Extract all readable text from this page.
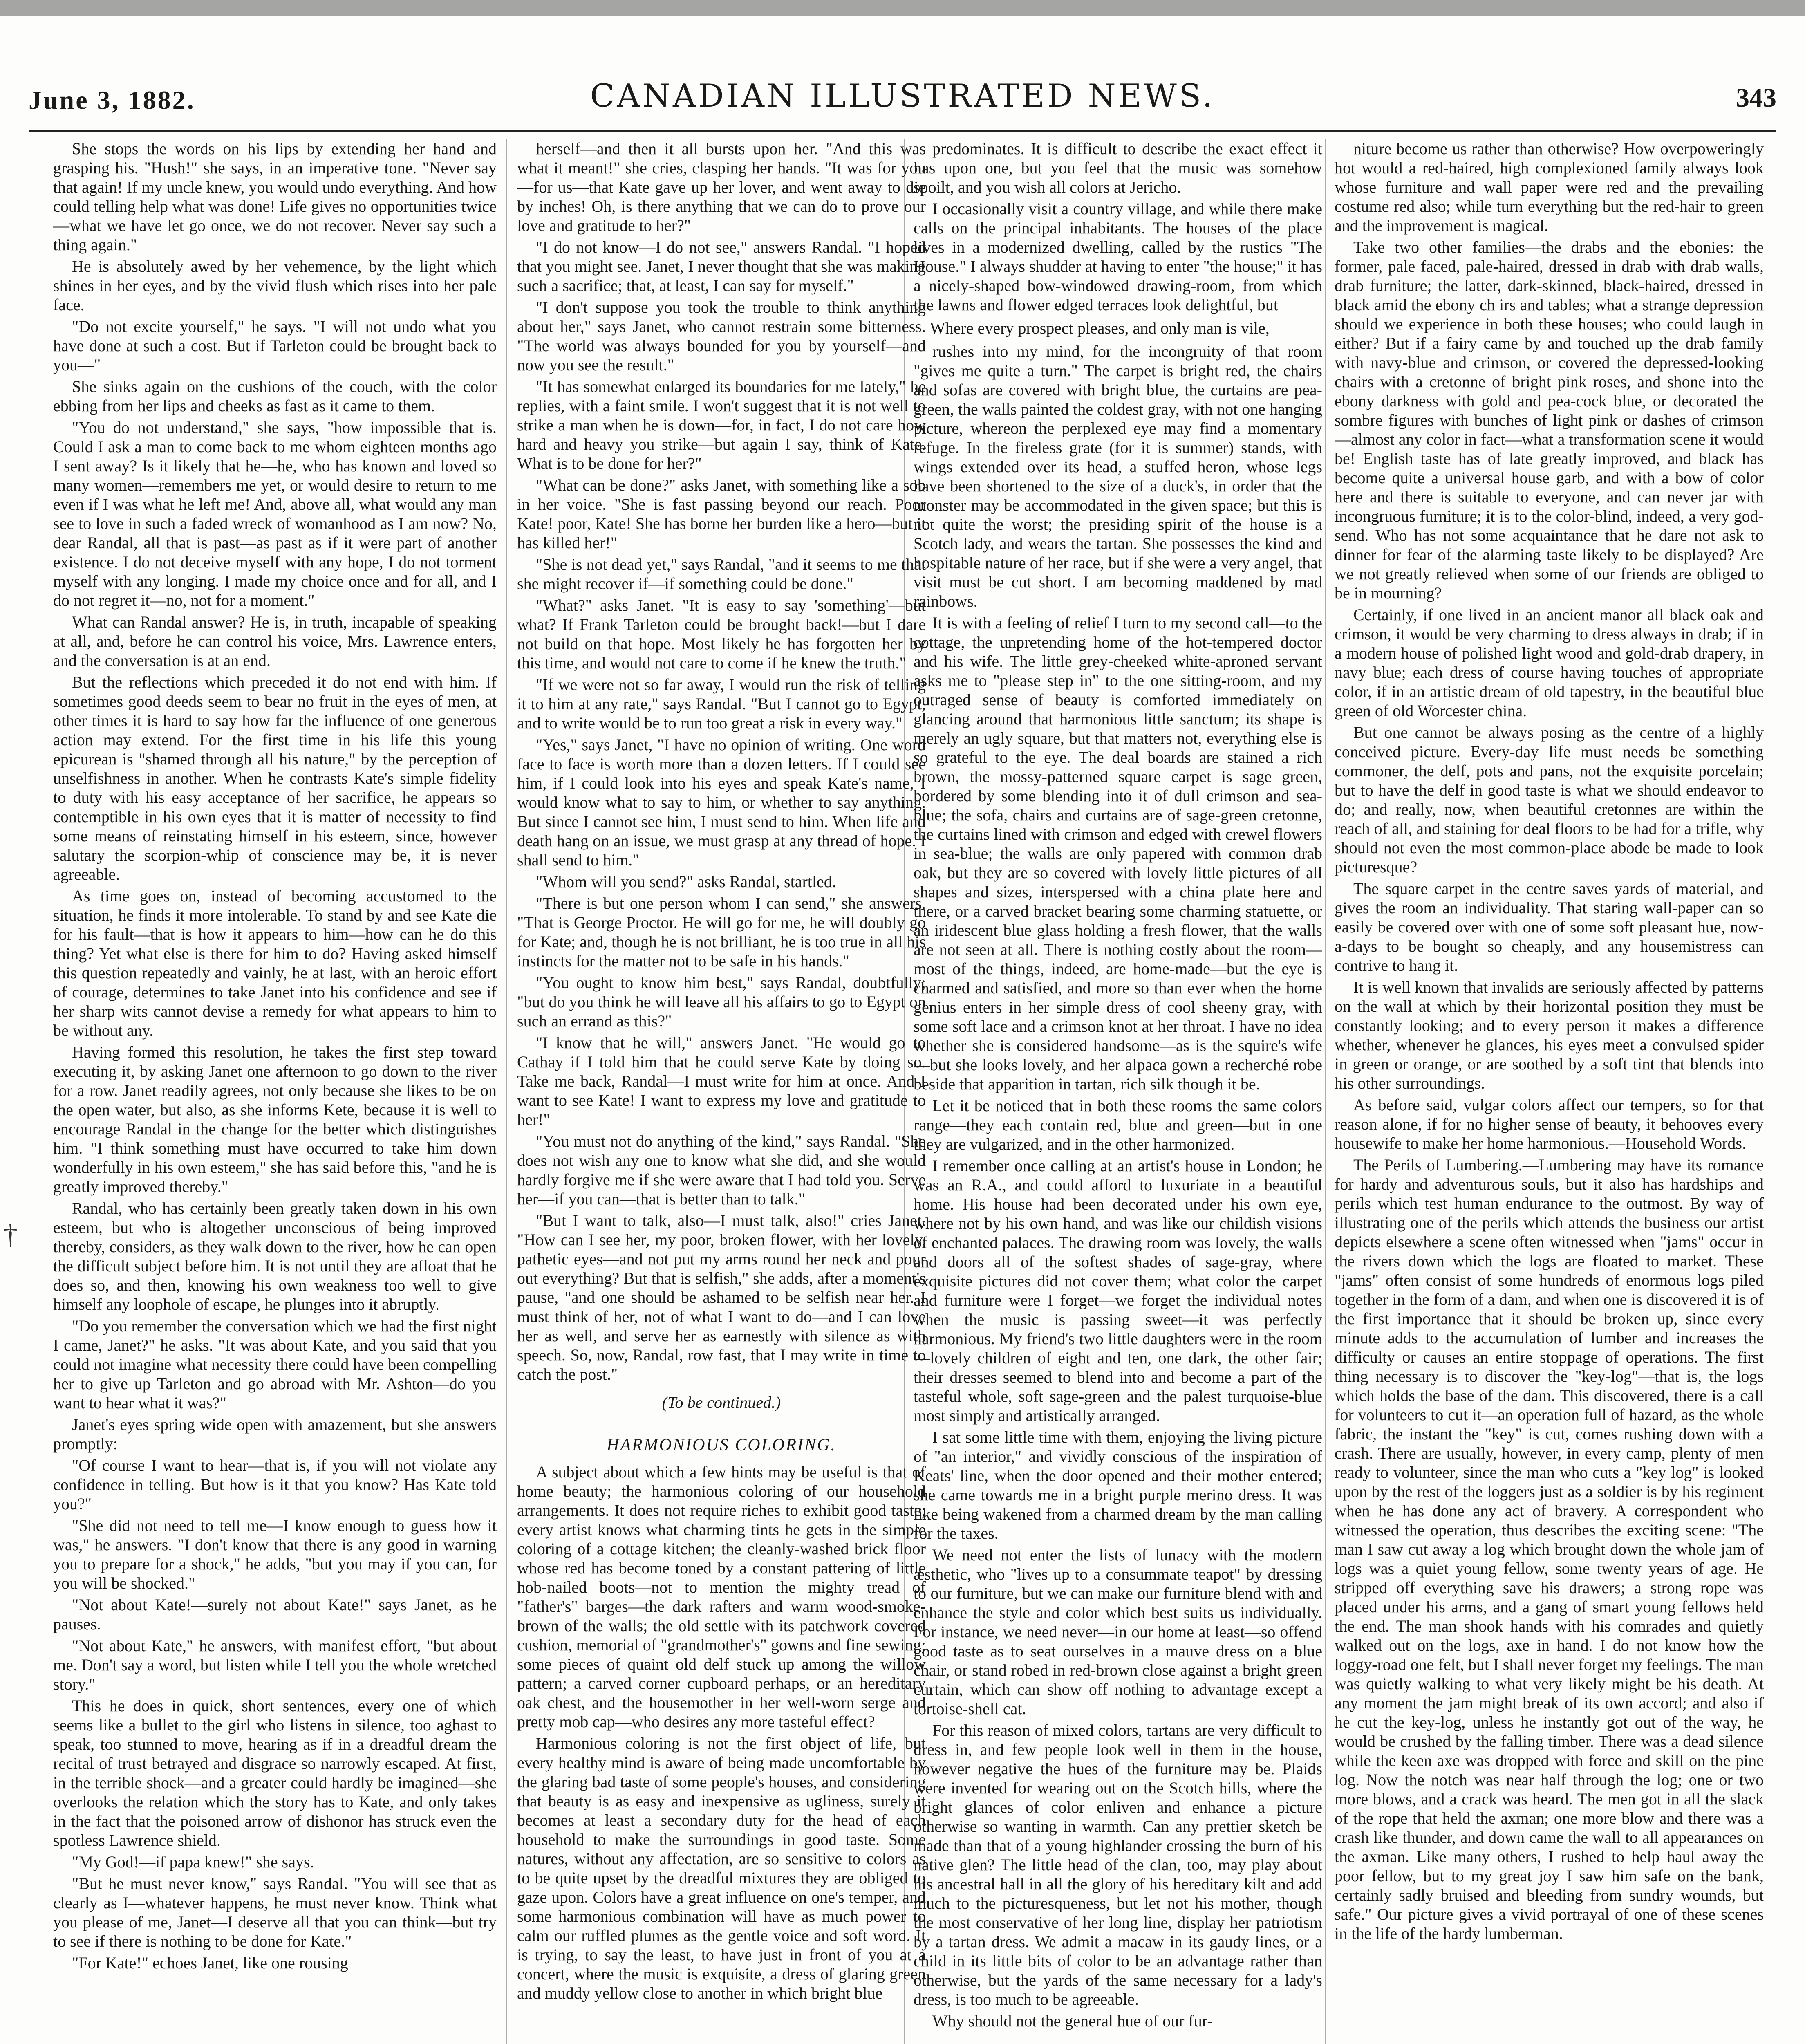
June 3, 1882.	CANADIAN ILLUSTRATED NEWS.	343
†

She stops the words on his lips by extending her hand and grasping his. "Hush!" she says, in an imperative tone. "Never say that again! If my uncle knew, you would undo everything. And how could telling help what was done! Life gives no opportunities twice—what we have let go once, we do not recover. Never say such a thing again."

He is absolutely awed by her vehemence, by the light which shines in her eyes, and by the vivid flush which rises into her pale face.

"Do not excite yourself," he says. "I will not undo what you have done at such a cost. But if Tarleton could be brought back to you—"

She sinks again on the cushions of the couch, with the color ebbing from her lips and cheeks as fast as it came to them.

"You do not understand," she says, "how impossible that is. Could I ask a man to come back to me whom eighteen months ago I sent away? Is it likely that he—he, who has known and loved so many women—remembers me yet, or would desire to return to me even if I was what he left me! And, above all, what would any man see to love in such a faded wreck of womanhood as I am now? No, dear Randal, all that is past—as past as if it were part of another existence. I do not deceive myself with any hope, I do not torment myself with any longing. I made my choice once and for all, and I do not regret it—no, not for a moment."

What can Randal answer? He is, in truth, incapable of speaking at all, and, before he can control his voice, Mrs. Lawrence enters, and the conversation is at an end.

But the reflections which preceded it do not end with him. If sometimes good deeds seem to bear no fruit in the eyes of men, at other times it is hard to say how far the influence of one generous action may extend. For the first time in his life this young epicurean is "shamed through all his nature," by the perception of unselfishness in another. When he contrasts Kate's simple fidelity to duty with his easy acceptance of her sacrifice, he appears so contemptible in his own eyes that it is matter of necessity to find some means of reinstating himself in his esteem, since, however salutary the scorpion-whip of conscience may be, it is never agreeable.

As time goes on, instead of becoming accustomed to the situation, he finds it more intolerable. To stand by and see Kate die for his fault—that is how it appears to him—how can he do this thing? Yet what else is there for him to do? Having asked himself this question repeatedly and vainly, he at last, with an heroic effort of courage, determines to take Janet into his confidence and see if her sharp wits cannot devise a remedy for what appears to him to be without any.

Having formed this resolution, he takes the first step toward executing it, by asking Janet one afternoon to go down to the river for a row. Janet readily agrees, not only because she likes to be on the open water, but also, as she informs Kete, because it is well to encourage Randal in the change for the better which distinguishes him. "I think something must have occurred to take him down wonderfully in his own esteem," she has said before this, "and he is greatly improved thereby."

Randal, who has certainly been greatly taken down in his own esteem, but who is altogether unconscious of being improved thereby, considers, as they walk down to the river, how he can open the difficult subject before him. It is not until they are afloat that he does so, and then, knowing his own weakness too well to give himself any loophole of escape, he plunges into it abruptly.

"Do you remember the conversation which we had the first night I came, Janet?" he asks. "It was about Kate, and you said that you could not imagine what necessity there could have been compelling her to give up Tarleton and go abroad with Mr. Ashton—do you want to hear what it was?"

Janet's eyes spring wide open with amazement, but she answers promptly:

"Of course I want to hear—that is, if you will not violate any confidence in telling. But how is it that you know? Has Kate told you?"

"She did not need to tell me—I know enough to guess how it was," he answers. "I don't know that there is any good in warning you to prepare for a shock," he adds, "but you may if you can, for you will be shocked."

"Not about Kate!—surely not about Kate!" says Janet, as he pauses.

"Not about Kate," he answers, with manifest effort, "but about me. Don't say a word, but listen while I tell you the whole wretched story."

This he does in quick, short sentences, every one of which seems like a bullet to the girl who listens in silence, too aghast to speak, too stunned to move, hearing as if in a dreadful dream the recital of trust betrayed and disgrace so narrowly escaped. At first, in the terrible shock—and a greater could hardly be imagined—she overlooks the relation which the story has to Kate, and only takes in the fact that the poisoned arrow of dishonor has struck even the spotless Lawrence shield.

"My God!—if papa knew!" she says.

"But he must never know," says Randal. "You will see that as clearly as I—whatever happens, he must never know. Think what you please of me, Janet—I deserve all that you can think—but try to see if there is nothing to be done for Kate."

"For Kate!" echoes Janet, like one rousing

herself—and then it all bursts upon her. "And this was what it meant!" she cries, clasping her hands. "It was for you—for us—that Kate gave up her lover, and went away to die by inches! Oh, is there anything that we can do to prove our love and gratitude to her?"

"I do not know—I do not see," answers Randal. "I hoped that you might see. Janet, I never thought that she was making such a sacrifice; that, at least, I can say for myself."

"I don't suppose you took the trouble to think anything about her," says Janet, who cannot restrain some bitterness. "The world was always bounded for you by yourself—and now you see the result."

"It has somewhat enlarged its boundaries for me lately," he replies, with a faint smile. I won't suggest that it is not well to strike a man when he is down—for, in fact, I do not care how hard and heavy you strike—but again I say, think of Kate. What is to be done for her?"

"What can be done?" asks Janet, with something like a sob in her voice. "She is fast passing beyond our reach. Poor Kate! poor, Kate! She has borne her burden like a hero—but it has killed her!"

"She is not dead yet," says Randal, "and it seems to me that she might recover if—if something could be done."

"What?" asks Janet. "It is easy to say 'something'—but what? If Frank Tarleton could be brought back!—but I dare not build on that hope. Most likely he has forgotten her by this time, and would not care to come if he knew the truth."

"If we were not so far away, I would run the risk of telling it to him at any rate," says Randal. "But I cannot go to Egypt, and to write would be to run too great a risk in every way."

"Yes," says Janet, "I have no opinion of writing. One word face to face is worth more than a dozen letters. If I could see him, if I could look into his eyes and speak Kate's name, I would know what to say to him, or whether to say anything. But since I cannot see him, I must send to him. When life and death hang on an issue, we must grasp at any thread of hope. I shall send to him."

"Whom will you send?" asks Randal, startled.

"There is but one person whom I can send," she answers. "That is George Proctor. He will go for me, he will doubly go for Kate; and, though he is not brilliant, he is too true in all his instincts for the matter not to be safe in his hands."

"You ought to know him best," says Randal, doubtfully; "but do you think he will leave all his affairs to go to Egypt on such an errand as this?"

"I know that he will," answers Janet. "He would go to Cathay if I told him that he could serve Kate by doing so. Take me back, Randal—I must write for him at once. And I want to see Kate! I want to express my love and gratitude to her!"

"You must not do anything of the kind," says Randal. "She does not wish any one to know what she did, and she would hardly forgive me if she were aware that I had told you. Serve her—if you can—that is better than to talk."

"But I want to talk, also—I must talk, also!" cries Janet. "How can I see her, my poor, broken flower, with her lovely, pathetic eyes—and not put my arms round her neck and pour out everything? But that is selfish," she adds, after a moment's pause, "and one should be ashamed to be selfish near her. I must think of her, not of what I want to do—and I can love her as well, and serve her as earnestly with silence as with speech. So, now, Randal, row fast, that I may write in time to catch the post."

(To be continued.)

HARMONIOUS COLORING.

A subject about which a few hints may be useful is that of home beauty; the harmonious coloring of our household arrangements. It does not require riches to exhibit good taste; every artist knows what charming tints he gets in the simple coloring of a cottage kitchen; the cleanly-washed brick floor whose red has become toned by a constant pattering of little hob-nailed boots—not to mention the mighty tread of "father's" barges—the dark rafters and warm wood-smoke-brown of the walls; the old settle with its patchwork covered cushion, memorial of "grandmother's" gowns and fine sewing; some pieces of quaint old delf stuck up among the willow pattern; a carved corner cupboard perhaps, or an hereditary oak chest, and the housemother in her well-worn serge and pretty mob cap—who desires any more tasteful effect?

Harmonious coloring is not the first object of life, but every healthy mind is aware of being made uncomfortable by the glaring bad taste of some people's houses, and considering that beauty is as easy and inexpensive as ugliness, surely it becomes at least a secondary duty for the head of each household to make the surroundings in good taste. Some natures, without any affectation, are so sensitive to colors as to be quite upset by the dreadful mixtures they are obliged to gaze upon. Colors have a great influence on one's temper, and some harmonious combination will have as much power to calm our ruffled plumes as the gentle voice and soft word. It is trying, to say the least, to have just in front of you at a concert, where the music is exquisite, a dress of glaring green and muddy yellow close to another in which bright blue

predominates. It is difficult to describe the exact effect it has upon one, but you feel that the music was somehow spoilt, and you wish all colors at Jericho.

I occasionally visit a country village, and while there make calls on the principal inhabitants. The houses of the place lives in a modernized dwelling, called by the rustics "The House." I always shudder at having to enter "the house;" it has a nicely-shaped bow-windowed drawing-room, from which the lawns and flower edged terraces look delightful, but

Where every prospect pleases, and only man is vile,

rushes into my mind, for the incongruity of that room "gives me quite a turn." The carpet is bright red, the chairs and sofas are covered with bright blue, the curtains are pea-green, the walls painted the coldest gray, with not one hanging picture, whereon the perplexed eye may find a momentary refuge. In the fireless grate (for it is summer) stands, with wings extended over its head, a stuffed heron, whose legs have been shortened to the size of a duck's, in order that the monster may be accommodated in the given space; but this is not quite the worst; the presiding spirit of the house is a Scotch lady, and wears the tartan. She possesses the kind and hospitable nature of her race, but if she were a very angel, that visit must be cut short. I am becoming maddened by mad rainbows.

It is with a feeling of relief I turn to my second call—to the cottage, the unpretending home of the hot-tempered doctor and his wife. The little grey-cheeked white-aproned servant asks me to "please step in" to the one sitting-room, and my outraged sense of beauty is comforted immediately on glancing around that harmonious little sanctum; its shape is merely an ugly square, but that matters not, everything else is so grateful to the eye. The deal boards are stained a rich brown, the mossy-patterned square carpet is sage green, bordered by some blending into it of dull crimson and sea-blue; the sofa, chairs and curtains are of sage-green cretonne, the curtains lined with crimson and edged with crewel flowers in sea-blue; the walls are only papered with common drab oak, but they are so covered with lovely little pictures of all shapes and sizes, interspersed with a china plate here and there, or a carved bracket bearing some charming statuette, or an iridescent blue glass holding a fresh flower, that the walls are not seen at all. There is nothing costly about the room—most of the things, indeed, are home-made—but the eye is charmed and satisfied, and more so than ever when the home genius enters in her simple dress of cool sheeny gray, with some soft lace and a crimson knot at her throat. I have no idea whether she is considered handsome—as is the squire's wife—but she looks lovely, and her alpaca gown a recherché robe beside that apparition in tartan, rich silk though it be.

Let it be noticed that in both these rooms the same colors range—they each contain red, blue and green—but in one they are vulgarized, and in the other harmonized.

I remember once calling at an artist's house in London; he was an R.A., and could afford to luxuriate in a beautiful home. His house had been decorated under his own eye, where not by his own hand, and was like our childish visions of enchanted palaces. The drawing room was lovely, the walls and doors all of the softest shades of sage-gray, where exquisite pictures did not cover them; what color the carpet and furniture were I forget—we forget the individual notes when the music is passing sweet—it was perfectly harmonious. My friend's two little daughters were in the room—lovely children of eight and ten, one dark, the other fair; their dresses seemed to blend into and become a part of the tasteful whole, soft sage-green and the palest turquoise-blue most simply and artistically arranged.

I sat some little time with them, enjoying the living picture of "an interior," and vividly conscious of the inspiration of Keats' line, when the door opened and their mother entered; she came towards me in a bright purple merino dress. It was like being wakened from a charmed dream by the man calling for the taxes.

We need not enter the lists of lunacy with the modern æsthetic, who "lives up to a consummate teapot" by dressing to our furniture, but we can make our furniture blend with and enhance the style and color which best suits us individually. For instance, we need never—in our home at least—so offend good taste as to seat ourselves in a mauve dress on a blue chair, or stand robed in red-brown close against a bright green curtain, which can show off nothing to advantage except a tortoise-shell cat.

For this reason of mixed colors, tartans are very difficult to dress in, and few people look well in them in the house, however negative the hues of the furniture may be. Plaids were invented for wearing out on the Scotch hills, where the bright glances of color enliven and enhance a picture otherwise so wanting in warmth. Can any prettier sketch be made than that of a young highlander crossing the burn of his native glen? The little head of the clan, too, may play about his ancestral hall in all the glory of his hereditary kilt and add much to the picturesqueness, but let not his mother, though the most conservative of her long line, display her patriotism by a tartan dress. We admit a macaw in its gaudy lines, or a child in its little bits of color to be an advantage rather than otherwise, but the yards of the same necessary for a lady's dress, is too much to be agreeable.

Why should not the general hue of our fur-

niture become us rather than otherwise? How overpoweringly hot would a red-haired, high complexioned family always look whose furniture and wall paper were red and the prevailing costume red also; while turn everything but the red-hair to green and the improvement is magical.

Take two other families—the drabs and the ebonies: the former, pale faced, pale-haired, dressed in drab with drab walls, drab furniture; the latter, dark-skinned, black-haired, dressed in black amid the ebony ch irs and tables; what a strange depression should we experience in both these houses; who could laugh in either? But if a fairy came by and touched up the drab family with navy-blue and crimson, or covered the depressed-looking chairs with a cretonne of bright pink roses, and shone into the ebony darkness with gold and pea-cock blue, or decorated the sombre figures with bunches of light pink or dashes of crimson—almost any color in fact—what a transformation scene it would be! English taste has of late greatly improved, and black has become quite a universal house garb, and with a bow of color here and there is suitable to everyone, and can never jar with incongruous furniture; it is to the color-blind, indeed, a very god-send. Who has not some acquaintance that he dare not ask to dinner for fear of the alarming taste likely to be displayed? Are we not greatly relieved when some of our friends are obliged to be in mourning?

Certainly, if one lived in an ancient manor all black oak and crimson, it would be very charming to dress always in drab; if in a modern house of polished light wood and gold-drab drapery, in navy blue; each dress of course having touches of appropriate color, if in an artistic dream of old tapestry, in the beautiful blue green of old Worcester china.

But one cannot be always posing as the centre of a highly conceived picture. Every-day life must needs be something commoner, the delf, pots and pans, not the exquisite porcelain; but to have the delf in good taste is what we should endeavor to do; and really, now, when beautiful cretonnes are within the reach of all, and staining for deal floors to be had for a trifle, why should not even the most common-place abode be made to look picturesque?

The square carpet in the centre saves yards of material, and gives the room an individuality. That staring wall-paper can so easily be covered over with one of some soft pleasant hue, now-a-days to be bought so cheaply, and any housemistress can contrive to hang it.

It is well known that invalids are seriously affected by patterns on the wall at which by their horizontal position they must be constantly looking; and to every person it makes a difference whether, whenever he glances, his eyes meet a convulsed spider in green or orange, or are soothed by a soft tint that blends into his other surroundings.

As before said, vulgar colors affect our tempers, so for that reason alone, if for no higher sense of beauty, it behooves every housewife to make her home harmonious.—Household Words.

The Perils of Lumbering.—Lumbering may have its romance for hardy and adventurous souls, but it also has hardships and perils which test human endurance to the outmost. By way of illustrating one of the perils which attends the business our artist depicts elsewhere a scene often witnessed when "jams" occur in the rivers down which the logs are floated to market. These "jams" often consist of some hundreds of enormous logs piled together in the form of a dam, and when one is discovered it is of the first importance that it should be broken up, since every minute adds to the accumulation of lumber and increases the difficulty or causes an entire stoppage of operations. The first thing necessary is to discover the "key-log"—that is, the logs which holds the base of the dam. This discovered, there is a call for volunteers to cut it—an operation full of hazard, as the whole fabric, the instant the "key" is cut, comes rushing down with a crash. There are usually, however, in every camp, plenty of men ready to volunteer, since the man who cuts a "key log" is looked upon by the rest of the loggers just as a soldier is by his regiment when he has done any act of bravery. A correspondent who witnessed the operation, thus describes the exciting scene: "The man I saw cut away a log which brought down the whole jam of logs was a quiet young fellow, some twenty years of age. He stripped off everything save his drawers; a strong rope was placed under his arms, and a gang of smart young fellows held the end. The man shook hands with his comrades and quietly walked out on the logs, axe in hand. I do not know how the loggy-road one felt, but I shall never forget my feelings. The man was quietly walking to what very likely might be his death. At any moment the jam might break of its own accord; and also if he cut the key-log, unless he instantly got out of the way, he would be crushed by the falling timber. There was a dead silence while the keen axe was dropped with force and skill on the pine log. Now the notch was near half through the log; one or two more blows, and a crack was heard. The men got in all the slack of the rope that held the axman; one more blow and there was a crash like thunder, and down came the wall to all appearances on the axman. Like many others, I rushed to help haul away the poor fellow, but to my great joy I saw him safe on the bank, certainly sadly bruised and bleeding from sundry wounds, but safe." Our picture gives a vivid portrayal of one of these scenes in the life of the hardy lumberman.
